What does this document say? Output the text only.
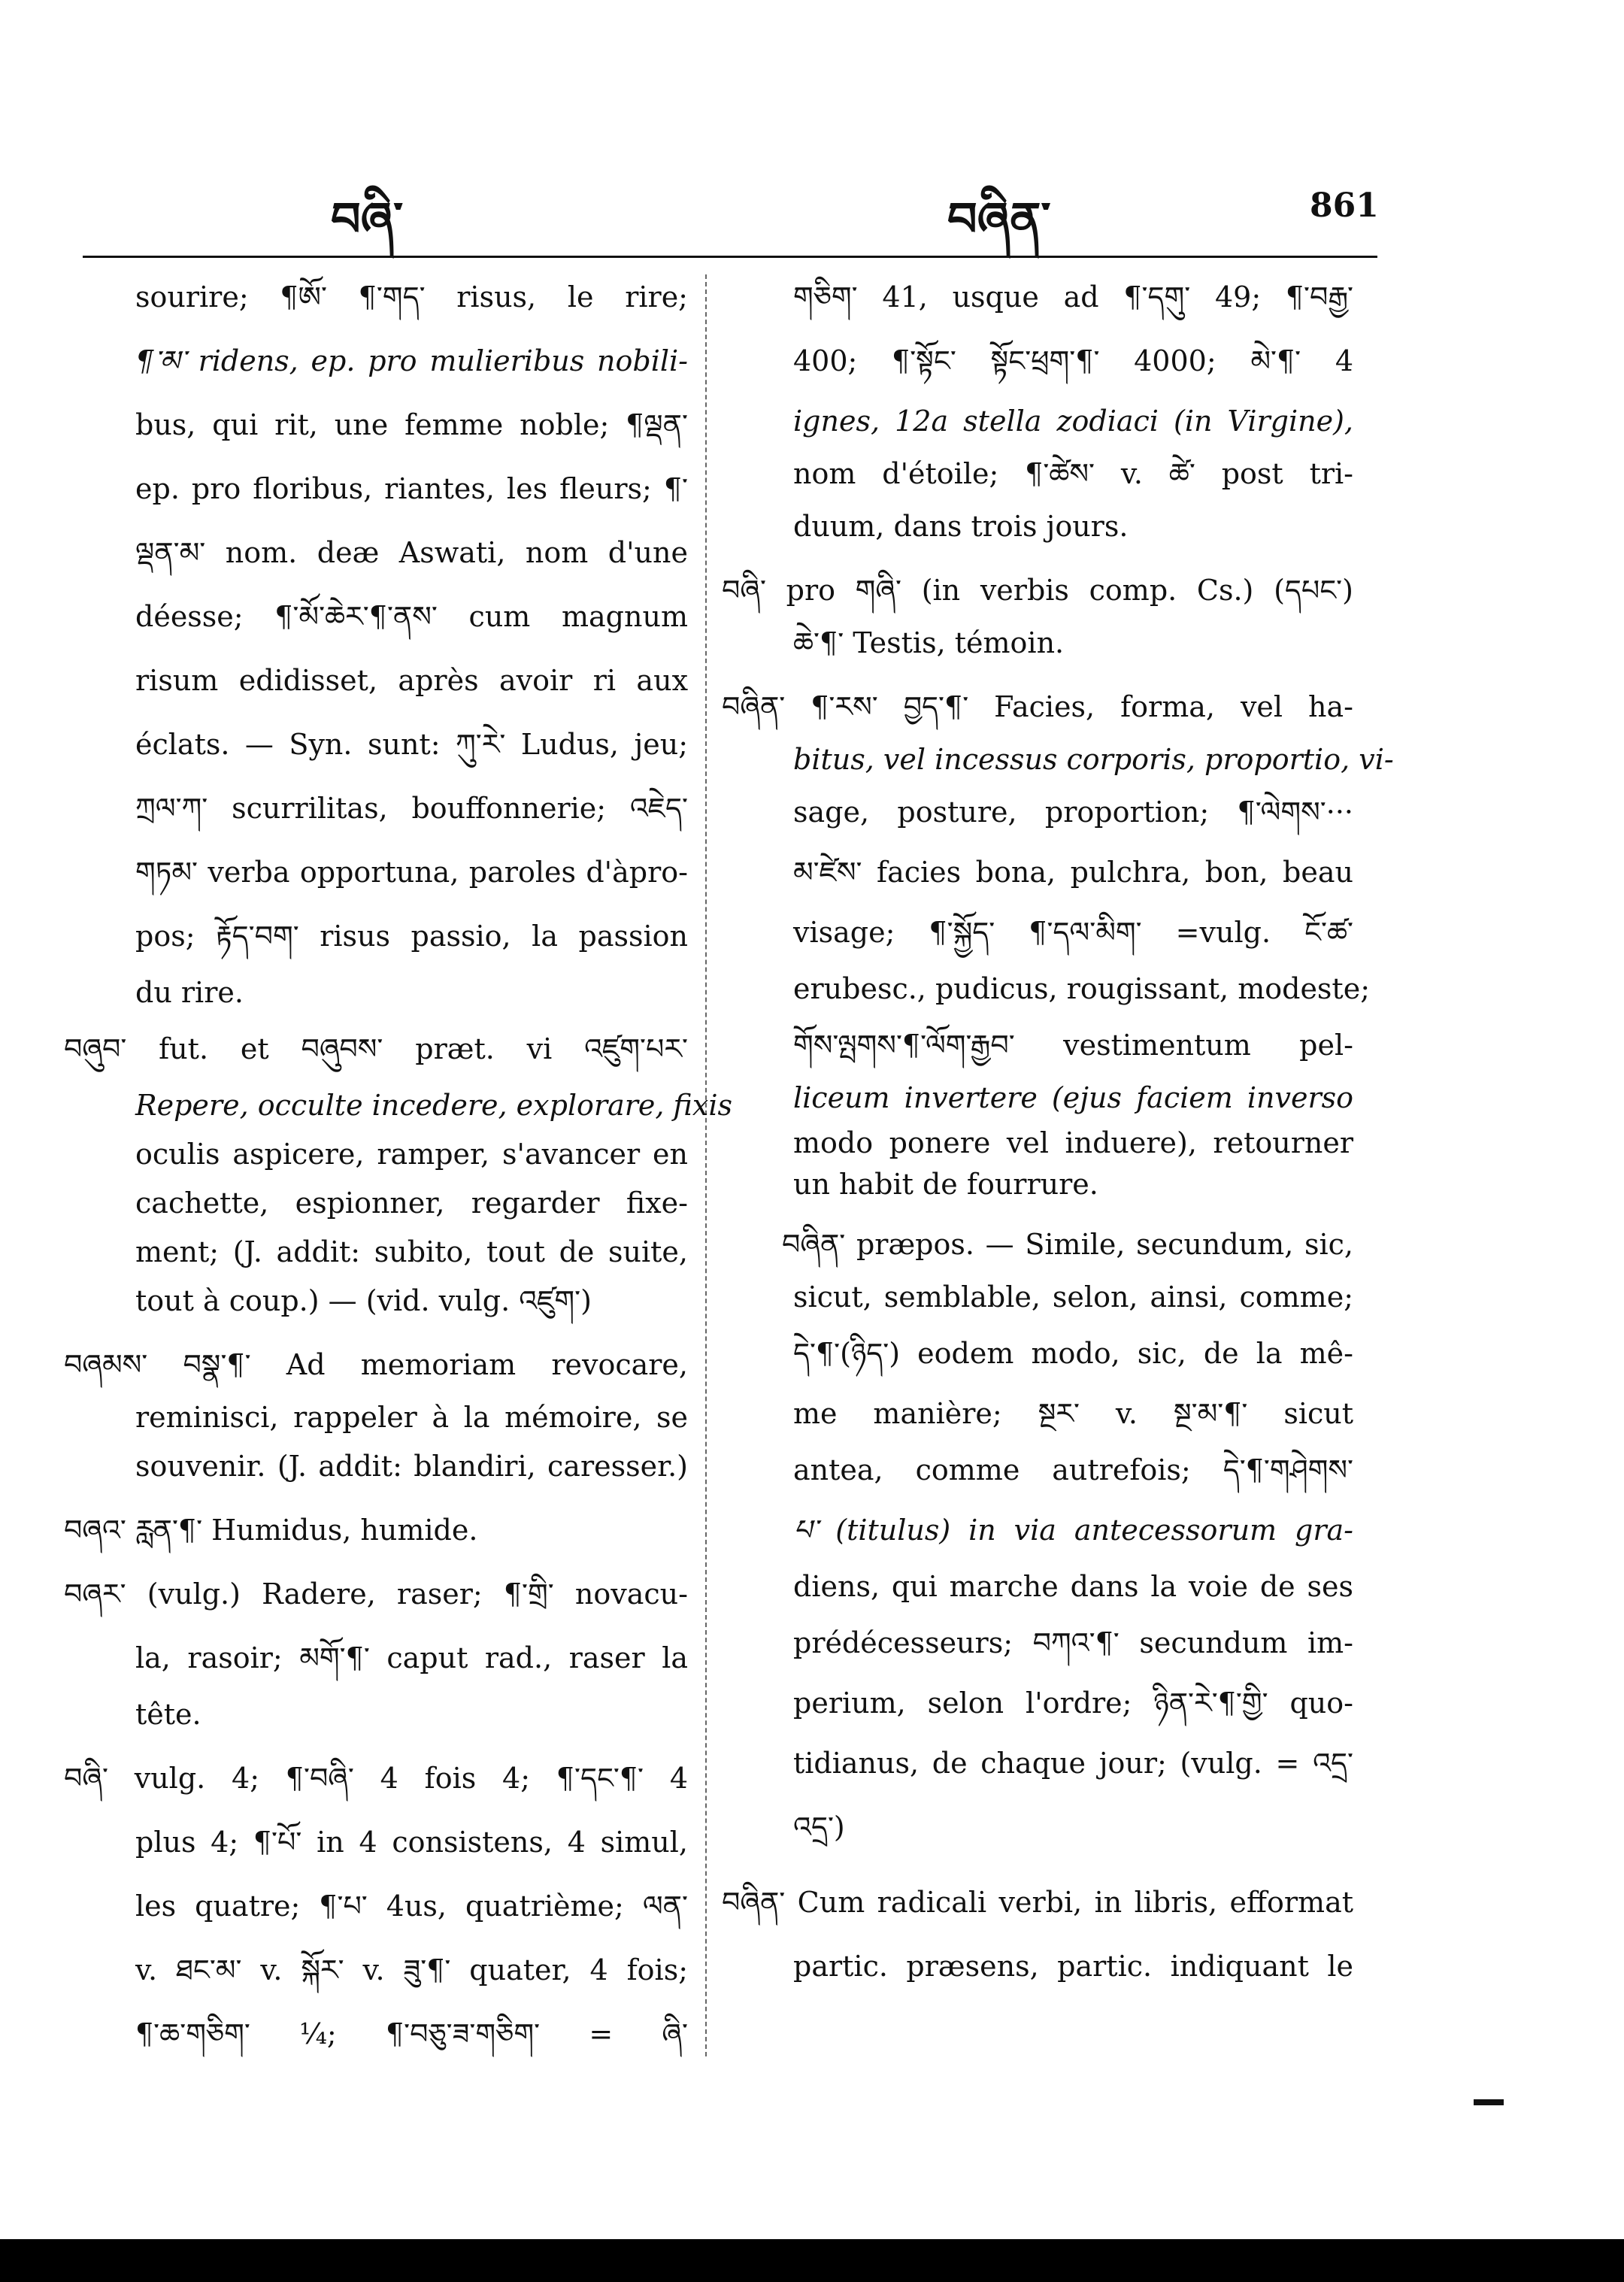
བཞི་	བཞིན་	861
sourire; ¶ཨོ་ ¶་གད་ risus, le rire;
¶་མ་ ridens, ep. pro mulieribus nobili-
bus, qui rit, une femme noble; ¶ལྡན་
ep. pro floribus, riantes, les fleurs; ¶་
ལྡན་མ་ nom. deæ Aswati, nom d'une
déesse; ¶་མོ་ཆེར་¶་ནས་ cum magnum
risum edidisset, après avoir ri aux
éclats. — Syn. sunt: ཀུ་རེ་ Ludus, jeu;
ཀྲལ་ཀ་ scurrilitas, bouffonnerie; འཇེད་
གཏམ་ verba opportuna, paroles d'àpro-
pos; རྟོད་བག་ risus passio, la passion
du rire.
བཞུབ་ fut. et བཞུབས་ præt. vi འཛུག་པར་
Repere, occulte incedere, explorare, fixis
oculis aspicere, ramper, s'avancer en
cachette, espionner, regarder fixe-
ment; (J. addit: subito, tout de suite,
tout à coup.) — (vid. vulg. འཛུག་)
བཞམས་ བསྣ་¶་ Ad memoriam revocare,
reminisci, rappeler à la mémoire, se
souvenir. (J. addit: blandiri, caresser.)
བཞའ་ རླན་¶་ Humidus, humide.
བཞར་ (vulg.) Radere, raser; ¶་གྲི་ novacu-
la, rasoir; མགོ་¶་ caput rad., raser la
tête.
བཞི་ vulg. 4; ¶་བཞི་ 4 fois 4; ¶་དང་¶་ 4
plus 4; ¶་པོ་ in 4 consistens, 4 simul,
les quatre; ¶་པ་ 4us, quatrième; ལན་
v. ཐང་མ་ v. སྐོར་ v. ཟུ་¶་ quater, 4 fois;
¶་ཆ་གཅིག་ ¼; ¶་བཅུ་ཟ་གཅིག་ = ཞི་
གཅིག་ 41, usque ad ¶་དགུ་ 49; ¶་བརྒྱ་
400; ¶་སྟོང་ སྟོང་ཕྲག་¶་ 4000; མེ་¶་ 4
ignes, 12a stella zodiaci (in Virgine),
nom d'étoile; ¶་ཚེས་ v. ཚེ་ post tri-
duum, dans trois jours.
བཞི་ pro གཞི་ (in verbis comp. Cs.) (དཔང་)
ཆེ་¶་ Testis, témoin.
བཞིན་ ¶་རས་ བྱད་¶་ Facies, forma, vel ha-
bitus, vel incessus corporis, proportio, vi-
sage, posture, proportion; ¶་ལེགས་···
མ་ཛེས་ facies bona, pulchra, bon, beau
visage; ¶་སྐྱོད་ ¶་དལ་མིག་ =vulg. ངོ་ཚ་
erubesc., pudicus, rougissant, modeste;
གོས་ལྤགས་¶་ལོག་རྒྱབ་ vestimentum pel-
liceum invertere (ejus faciem inverso
modo ponere vel induere), retourner
un habit de fourrure.
བཞིན་ præpos. — Simile, secundum, sic,
sicut, semblable, selon, ainsi, comme;
དེ་¶་(ཉིད་) eodem modo, sic, de la mê-
me manière; སྔར་ v. སྔ་མ་¶་ sicut
antea, comme autrefois; དེ་¶་གཤེགས་
པ་ (titulus) in via antecessorum gra-
diens, qui marche dans la voie de ses
prédécesseurs; བཀའ་¶་ secundum im-
perium, selon l'ordre; ཉིན་རེ་¶་གྱི་ quo-
tidianus, de chaque jour; (vulg. = འདྲ་
འདྲ་)
བཞིན་ Cum radicali verbi, in libris, efformat
partic. præsens, partic. indiquant le
